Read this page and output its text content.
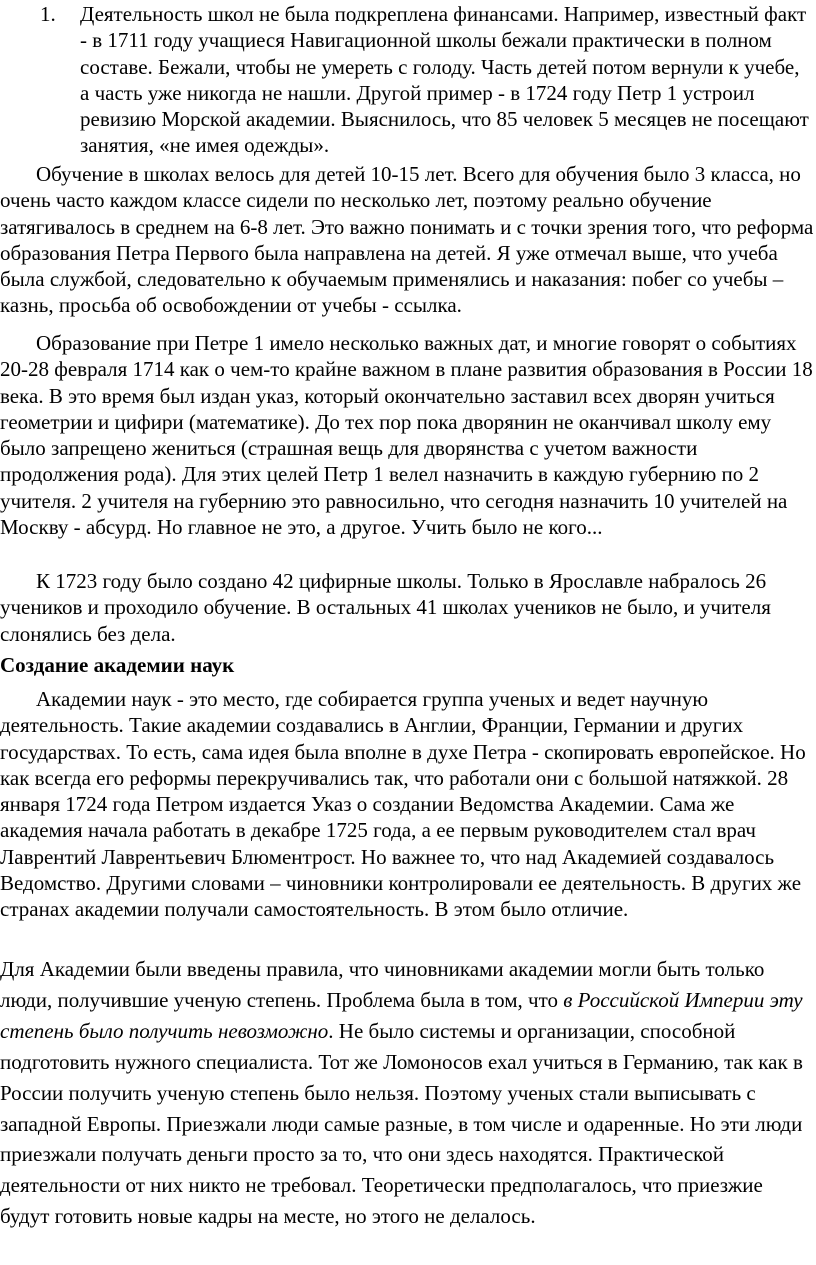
1. Деятельность школ не была подкреплена финансами. Например, известный факт - в 1711 году учащиеся Навигационной школы бежали практически в полном составе. Бежали, чтобы не умереть с голоду. Часть детей потом вернули к учебе, а часть уже никогда не нашли. Другой пример - в 1724 году Петр 1 устроил ревизию Морской академии. Выяснилось, что 85 человек 5 месяцев не посещают занятия, «не имея одежды».

Обучение в школах велось для детей 10-15 лет. Всего для обучения было 3 класса, но очень часто каждом классе сидели по несколько лет, поэтому реально обучение затягивалось в среднем на 6-8 лет. Это важно понимать и с точки зрения того, что реформа образования Петра Первого была направлена на детей. Я уже отмечал выше, что учеба была службой, следовательно к обучаемым применялись и наказания: побег со учебы – казнь, просьба об освобождении от учебы - ссылка.

Образование при Петре 1 имело несколько важных дат, и многие говорят о событиях 20-28 февраля 1714 как о чем-то крайне важном в плане развития образования в России 18 века. В это время был издан указ, который окончательно заставил всех дворян учиться геометрии и цифири (математике). До тех пор пока дворянин не оканчивал школу ему было запрещено жениться (страшная вещь для дворянства с учетом важности продолжения рода). Для этих целей Петр 1 велел назначить в каждую губернию по 2 учителя. 2 учителя на губернию это равносильно, что сегодня назначить 10 учителей на Москву - абсурд. Но главное не это, а другое. Учить было не кого...

К 1723 году было создано 42 цифирные школы. Только в Ярославле набралось 26 учеников и проходило обучение. В остальных 41 школах учеников не было, и учителя слонялись без дела.

Создание академии наук

Академии наук - это место, где собирается группа ученых и ведет научную деятельность. Такие академии создавались в Англии, Франции, Германии и других государствах. То есть, сама идея была вполне в духе Петра - скопировать европейское. Но как всегда его реформы перекручивались так, что работали они с большой натяжкой. 28 января 1724 года Петром издается Указ о создании Ведомства Академии. Сама же академия начала работать в декабре 1725 года, а ее первым руководителем стал врач Лаврентий Лаврентьевич Блюментрост. Но важнее то, что над Академией создавалось Ведомство. Другими словами – чиновники контролировали ее деятельность. В других же странах академии получали самостоятельность. В этом было отличие.

Для Академии были введены правила, что чиновниками академии могли быть только люди, получившие ученую степень. Проблема была в том, что в Российской Империи эту степень было получить невозможно. Не было системы и организации, способной подготовить нужного специалиста. Тот же Ломоносов ехал учиться в Германию, так как в России получить ученую степень было нельзя. Поэтому ученых стали выписывать с западной Европы. Приезжали люди самые разные, в том числе и одаренные. Но эти люди приезжали получать деньги просто за то, что они здесь находятся. Практической деятельности от них никто не требовал. Теоретически предполагалось, что приезжие будут готовить новые кадры на месте, но этого не делалось.
